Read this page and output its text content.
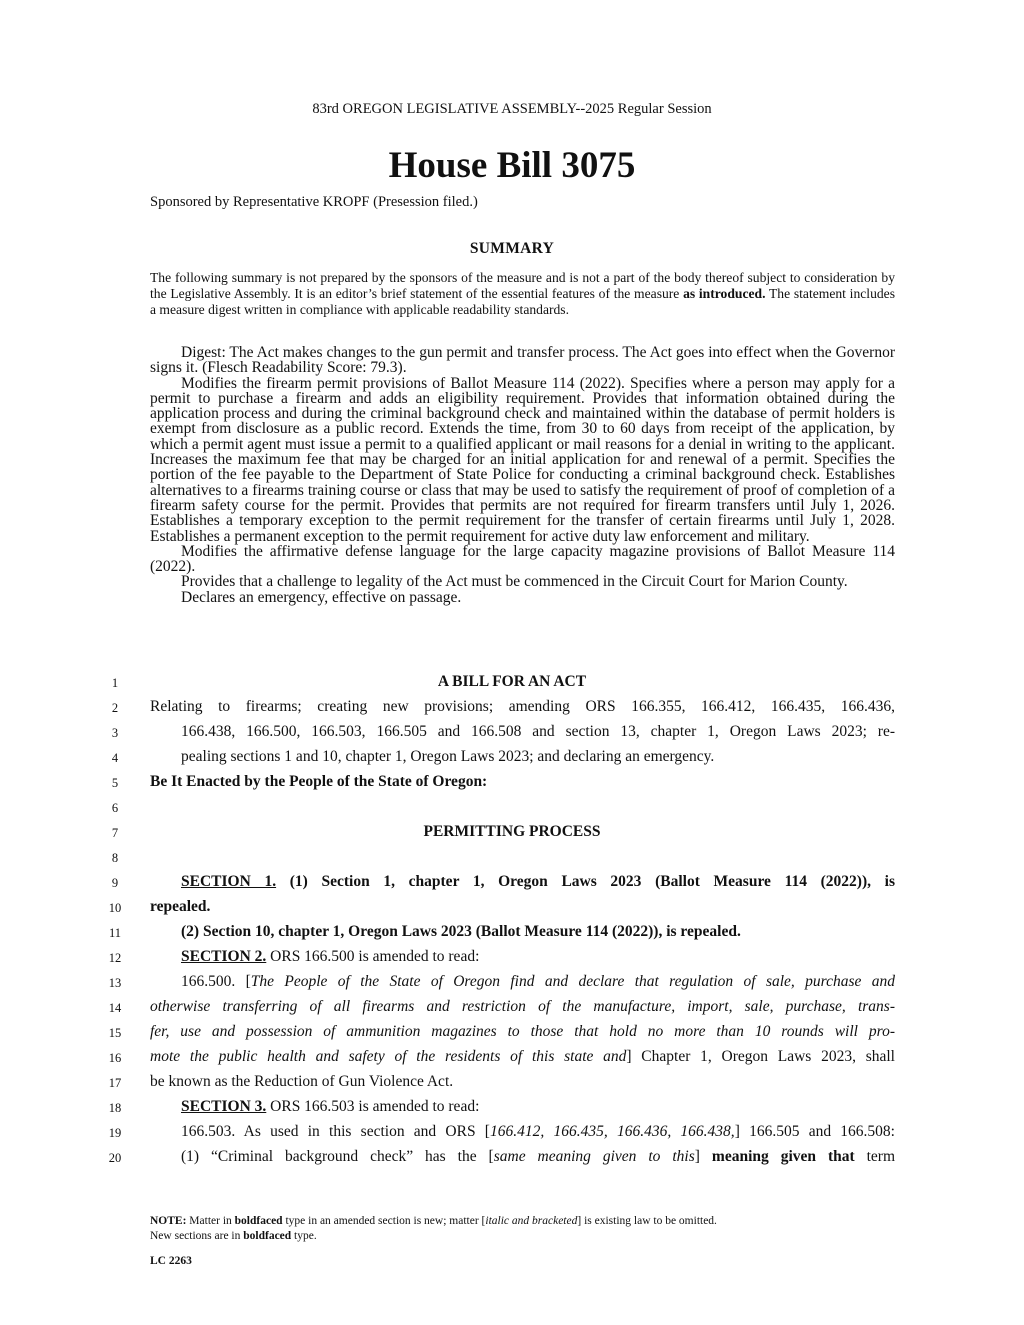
83rd OREGON LEGISLATIVE ASSEMBLY--2025 Regular Session
House Bill 3075
Sponsored by Representative KROPF (Presession filed.)
SUMMARY
The following summary is not prepared by the sponsors of the measure and is not a part of the body thereof subject to consideration by the Legislative Assembly. It is an editor’s brief statement of the essential features of the measure as introduced. The statement includes a measure digest written in compliance with applicable readability standards.

Digest: The Act makes changes to the gun permit and transfer process. The Act goes into effect when the Governor signs it. (Flesch Readability Score: 79.3).

Modifies the firearm permit provisions of Ballot Measure 114 (2022). Specifies where a person may apply for a permit to purchase a firearm and adds an eligibility requirement. Provides that information obtained during the application process and during the criminal background check and maintained within the database of permit holders is exempt from disclosure as a public record. Extends the time, from 30 to 60 days from receipt of the application, by which a permit agent must issue a permit to a qualified applicant or mail reasons for a denial in writing to the applicant. Increases the maximum fee that may be charged for an initial application for and renewal of a permit. Specifies the portion of the fee payable to the Department of State Police for conducting a criminal background check. Establishes alternatives to a firearms training course or class that may be used to satisfy the requirement of proof of completion of a firearm safety course for the permit. Provides that permits are not required for firearm transfers until July 1, 2026. Establishes a temporary exception to the permit requirement for the transfer of certain firearms until July 1, 2028. Establishes a permanent exception to the permit requirement for active duty law enforcement and military.

Modifies the affirmative defense language for the large capacity magazine provisions of Ballot Measure 114 (2022).

Provides that a challenge to legality of the Act must be commenced in the Circuit Court for Marion County.

Declares an emergency, effective on passage.

1
2
3
4
5
6
7
8
9
10
11
12
13
14
15
16
17
18
19
20
A BILL FOR AN ACT
Relating to firearms; creating new provisions; amending ORS 166.355, 166.412, 166.435, 166.436,
166.438, 166.500, 166.503, 166.505 and 166.508 and section 13, chapter 1, Oregon Laws 2023; re-
pealing sections 1 and 10, chapter 1, Oregon Laws 2023; and declaring an emergency.
Be It Enacted by the People of the State of Oregon:
PERMITTING PROCESS
SECTION 1. (1) Section 1, chapter 1, Oregon Laws 2023 (Ballot Measure 114 (2022)), is
repealed.
(2) Section 10, chapter 1, Oregon Laws 2023 (Ballot Measure 114 (2022)), is repealed.
SECTION 2. ORS 166.500 is amended to read:
166.500. [The People of the State of Oregon find and declare that regulation of sale, purchase and
otherwise transferring of all firearms and restriction of the manufacture, import, sale, purchase, trans-
fer, use and possession of ammunition magazines to those that hold no more than 10 rounds will pro-
mote the public health and safety of the residents of this state and] Chapter 1, Oregon Laws 2023, shall
be known as the Reduction of Gun Violence Act.
SECTION 3. ORS 166.503 is amended to read:
166.503. As used in this section and ORS [166.412, 166.435, 166.436, 166.438,] 166.505 and 166.508:
(1) “Criminal background check” has the [same meaning given to this] meaning given that term
NOTE: Matter in boldfaced type in an amended section is new; matter [italic and bracketed] is existing law to be omitted.
New sections are in boldfaced type.
LC 2263
